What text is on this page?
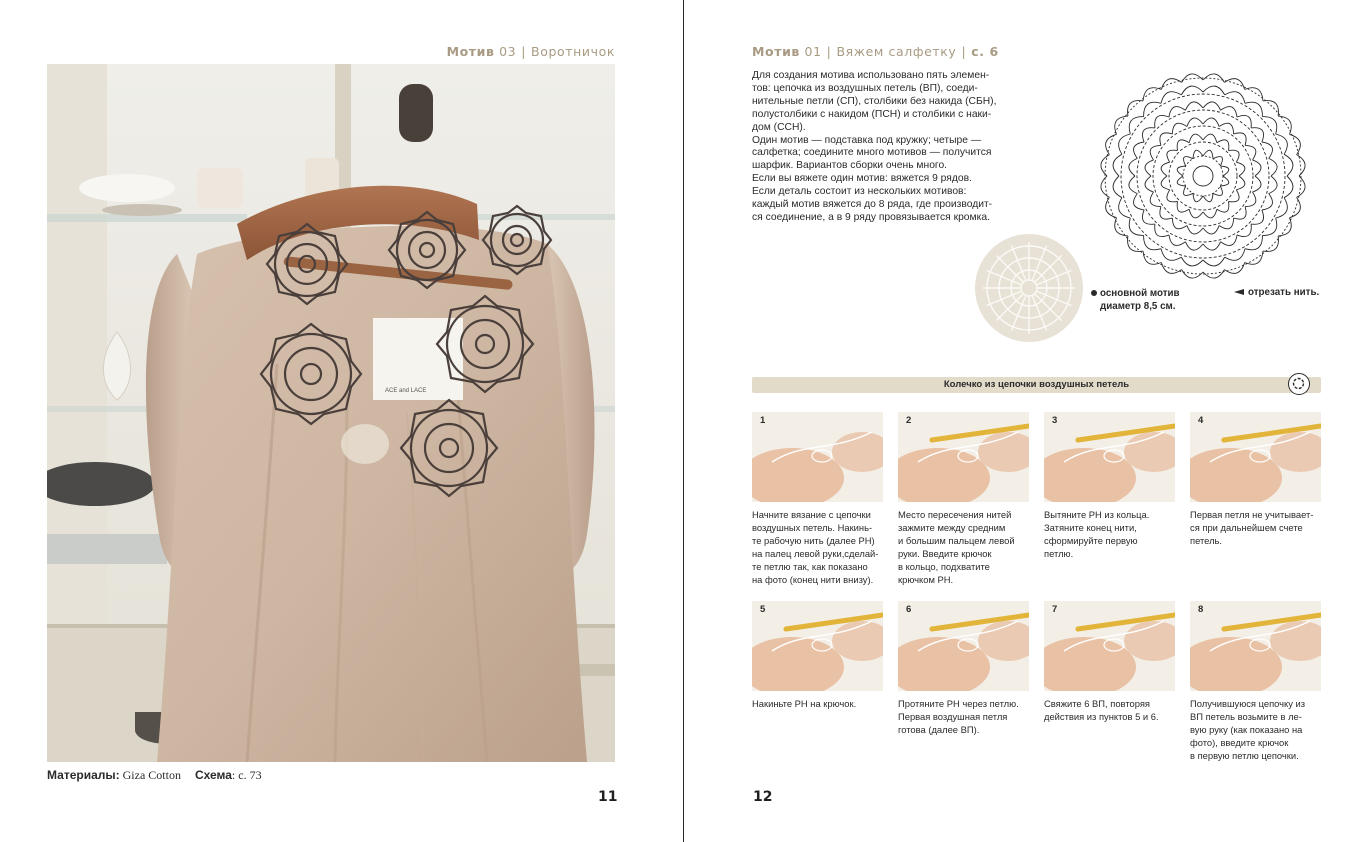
Мотив 03 | Воротничок
ACE and LACE
Материалы: Giza Cotton Схема: с. 73
11
Мотив 01 | Вяжем салфетку | с. 6

Для создания мотива использовано пять элемен-

тов: цепочка из воздушных петель (ВП), соеди-

нительные петли (СП), столбики без накида (СБН),

полустолбики с накидом (ПСН) и столбики с нaки-

дом (ССН).

Один мотив — подставка под кружку; четыре —

салфетка; соедините много мотивов — получится

шарфик. Вариантов сборки очень много.

Если вы вяжете один мотив: вяжется 9 рядов.

Если деталь состоит из нескольких мотивов:

каждый мотив вяжется до 8 ряда, где производит-

ся соединение, а в 9 ряду провязывается кромка.

основной мотив
диаметр 8,5 см.
отрезать нить.
Колечко из цепочки воздушных петель
1

Начните вязание с цепочки

воздушных петель. Накинь-

те рабочую нить (далее РН)

на палец левой руки,сделай-

те петлю так, как показано

на фото (конец нити внизу).

2

Место пересечения нитей

зажмите между средним

и большим пальцем левой

руки. Введите крючок

в кольцо, подхватите

крючком РН.

3

Вытяните РН из кольца.

Затяните конец нити,

сформируйте первую

петлю.

4

Первая петля не учитывает-

ся при дальнейшем счете

петель.

5

Накиньте РН на крючок.

6

Протяните РН через петлю.

Первая воздушная петля

готова (далее ВП).

7

Свяжите 6 ВП, повторяя

действия из пунктов 5 и 6.

8

Получившуюся цепочку из

ВП петель возьмите в ле-

вую руку (как показано на

фото), введите крючок

в первую петлю цепочки.

12
